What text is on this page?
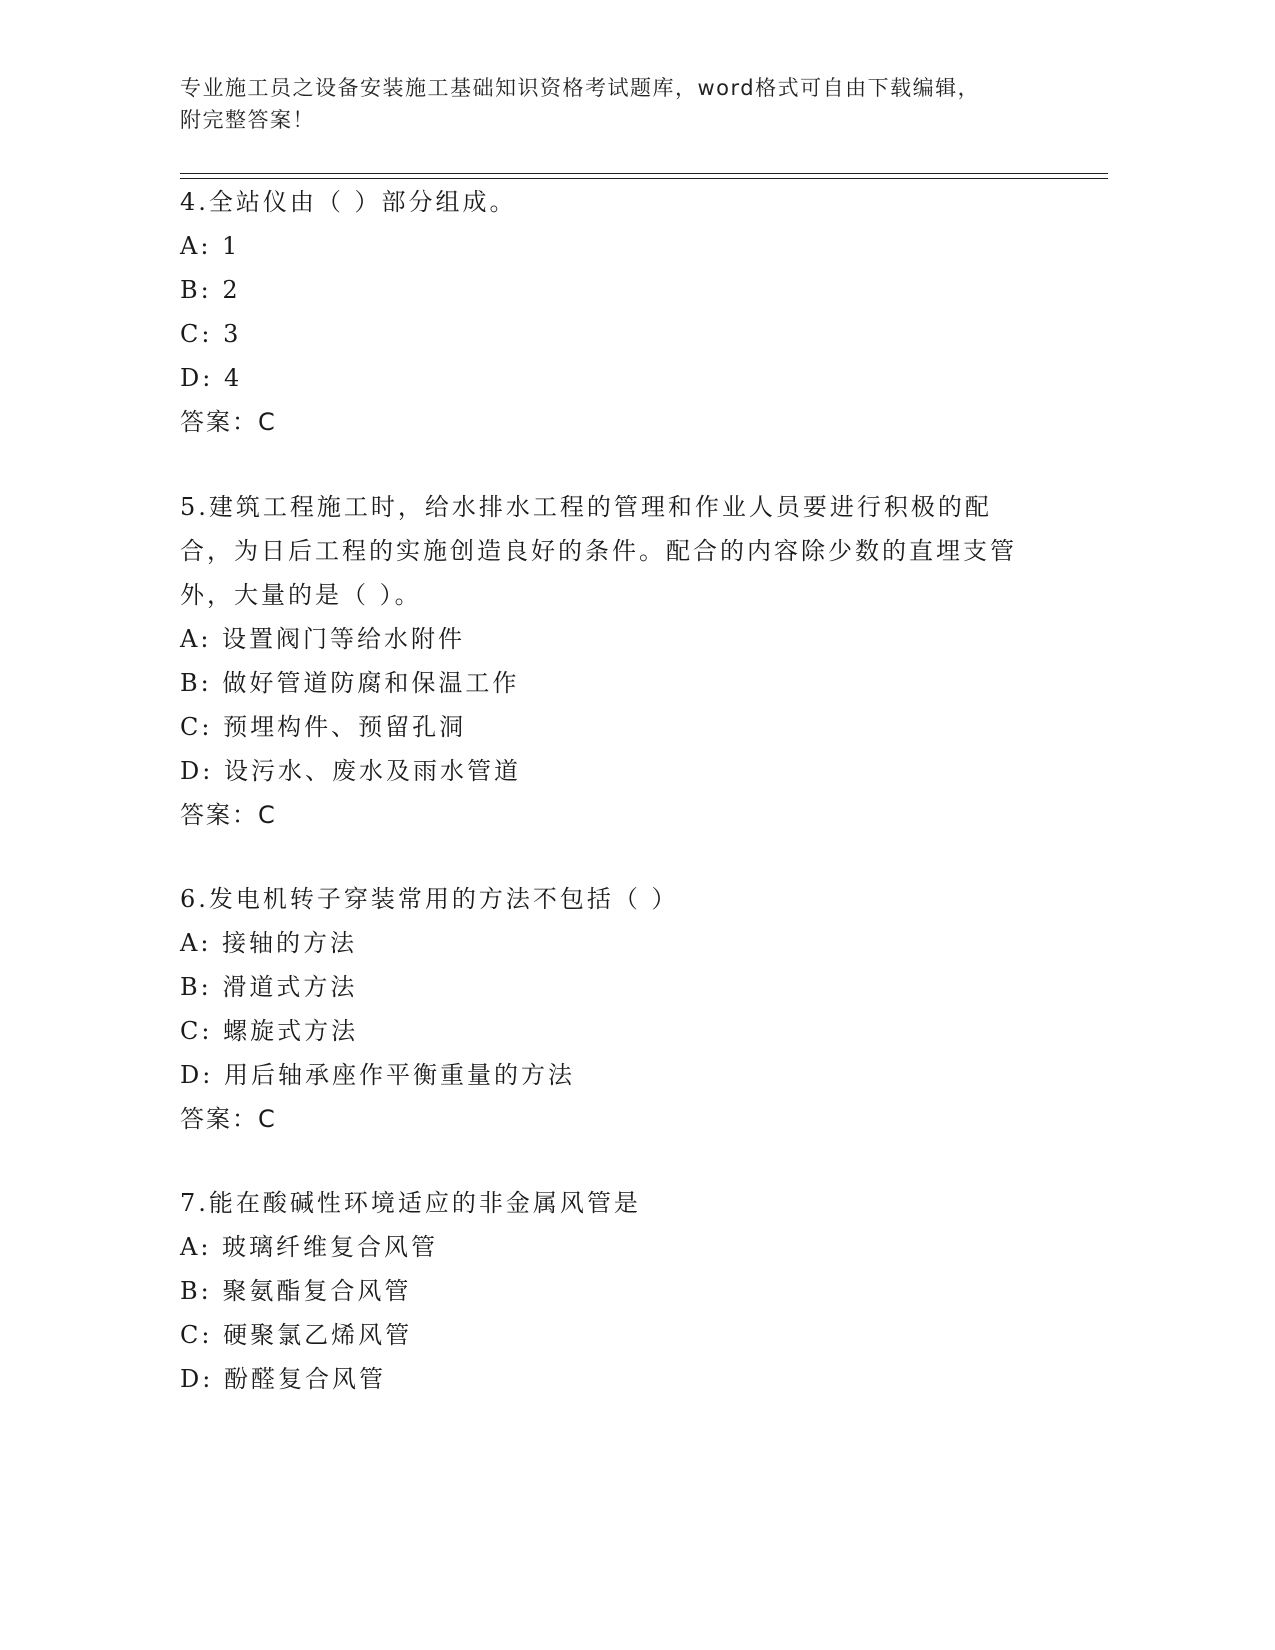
专业施工员之设备安装施工基础知识资格考试题库，word格式可自由下载编辑，
附完整答案！
4.全站仪由（ ）部分组成。
A: 1
B: 2
C: 3
D: 4
答案：C
5.建筑工程施工时，给水排水工程的管理和作业人员要进行积极的配合，为日后工程的实施创造良好的条件。配合的内容除少数的直埋支管外，大量的是（ ）。
A: 设置阀门等给水附件
B: 做好管道防腐和保温工作
C: 预埋构件、预留孔洞
D: 设污水、废水及雨水管道
答案：C
6.发电机转子穿装常用的方法不包括（ ）
A: 接轴的方法
B: 滑道式方法
C: 螺旋式方法
D: 用后轴承座作平衡重量的方法
答案：C
7.能在酸碱性环境适应的非金属风管是
A: 玻璃纤维复合风管
B: 聚氨酯复合风管
C: 硬聚氯乙烯风管
D: 酚醛复合风管
